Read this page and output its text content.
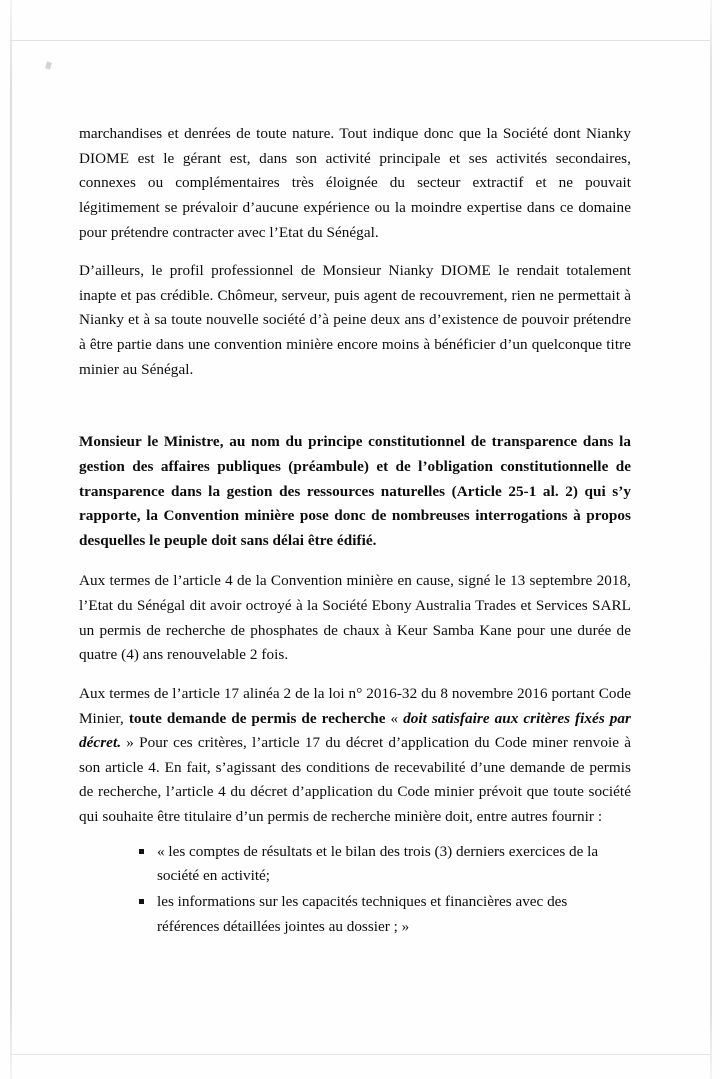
marchandises et denrées de toute nature. Tout indique donc que la Société dont Nianky DIOME est le gérant est, dans son activité principale et ses activités secondaires, connexes ou complémentaires très éloignée du secteur extractif et ne pouvait légitimement se prévaloir d’aucune expérience ou la moindre expertise dans ce domaine pour prétendre contracter avec l’Etat du Sénégal.

D’ailleurs, le profil professionnel de Monsieur Nianky DIOME le rendait totalement inapte et pas crédible. Chômeur, serveur, puis agent de recouvrement, rien ne permettait à Nianky et à sa toute nouvelle société d’à peine deux ans d’existence de pouvoir prétendre à être partie dans une convention minière encore moins à bénéficier d’un quelconque titre minier au Sénégal.

Monsieur le Ministre, au nom du principe constitutionnel de transparence dans la gestion des affaires publiques (préambule) et de l’obligation constitutionnelle de transparence dans la gestion des ressources naturelles (Article 25-1 al. 2) qui s’y rapporte, la Convention minière pose donc de nombreuses interrogations à propos desquelles le peuple doit sans délai être édifié.

Aux termes de l’article 4 de la Convention minière en cause, signé le 13 septembre 2018, l’Etat du Sénégal dit avoir octroyé à la Société Ebony Australia Trades et Services SARL un permis de recherche de phosphates de chaux à Keur Samba Kane pour une durée de quatre (4) ans renouvelable 2 fois.

Aux termes de l’article 17 alinéa 2 de la loi n° 2016-32 du 8 novembre 2016 portant Code Minier, toute demande de permis de recherche « doit satisfaire aux critères fixés par décret. » Pour ces critères, l’article 17 du décret d’application du Code miner renvoie à son article 4. En fait, s’agissant des conditions de recevabilité d’une demande de permis de recherche, l’article 4 du décret d’application du Code minier prévoit que toute société qui souhaite être titulaire d’un permis de recherche minière doit, entre autres fournir :

« les comptes de résultats et le bilan des trois (3) derniers exercices de la société en activité;
les informations sur les capacités techniques et financières avec des références détaillées jointes au dossier ; »
